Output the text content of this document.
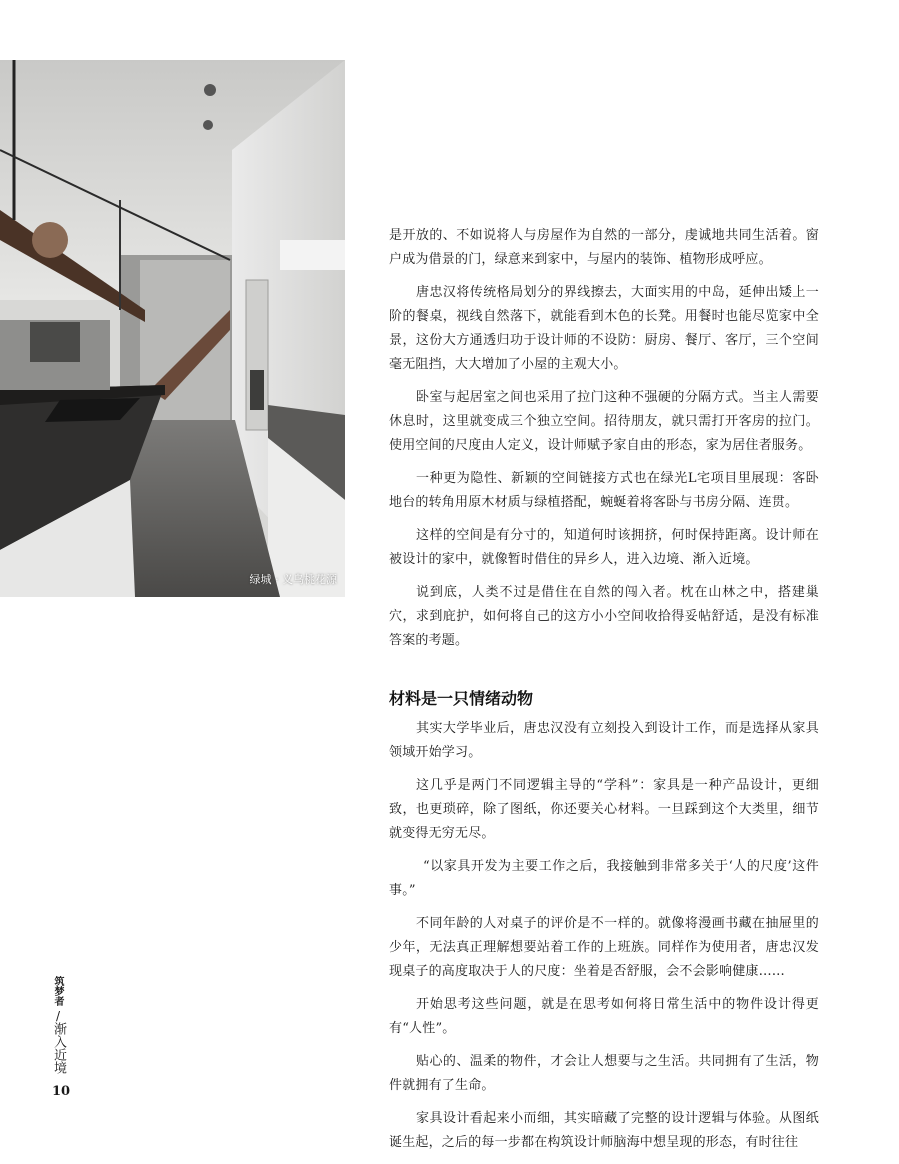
绿城 · 义乌桃花源

是开放的、不如说将人与房屋作为自然的一部分，虔诚地共同生活着。窗户成为借景的门，绿意来到家中，与屋内的装饰、植物形成呼应。

唐忠汉将传统格局划分的界线擦去，大面实用的中岛，延伸出矮上一阶的餐桌，视线自然落下，就能看到木色的长凳。用餐时也能尽览家中全景，这份大方通透归功于设计师的不设防：厨房、餐厅、客厅，三个空间毫无阻挡，大大增加了小屋的主观大小。

卧室与起居室之间也采用了拉门这种不强硬的分隔方式。当主人需要休息时，这里就变成三个独立空间。招待朋友，就只需打开客房的拉门。使用空间的尺度由人定义，设计师赋予家自由的形态，家为居住者服务。

一种更为隐性、新颖的空间链接方式也在绿光L宅项目里展现：客卧地台的转角用原木材质与绿植搭配，蜿蜒着将客卧与书房分隔、连贯。

这样的空间是有分寸的，知道何时该拥挤，何时保持距离。设计师在被设计的家中，就像暂时借住的异乡人，进入边境、渐入近境。

说到底，人类不过是借住在自然的闯入者。枕在山林之中，搭建巢穴，求到庇护，如何将自己的这方小小空间收拾得妥帖舒适，是没有标准答案的考题。

材料是一只情绪动物

其实大学毕业后，唐忠汉没有立刻投入到设计工作，而是选择从家具领域开始学习。

这几乎是两门不同逻辑主导的“学科”：家具是一种产品设计，更细致，也更琐碎，除了图纸，你还要关心材料。一旦踩到这个大类里，细节就变得无穷无尽。

“以家具开发为主要工作之后，我接触到非常多关于‘人的尺度’这件事。”

不同年龄的人对桌子的评价是不一样的。就像将漫画书藏在抽屉里的少年，无法真正理解想要站着工作的上班族。同样作为使用者，唐忠汉发现桌子的高度取决于人的尺度：坐着是否舒服，会不会影响健康……

开始思考这些问题，就是在思考如何将日常生活中的物件设计得更有“人性”。

贴心的、温柔的物件，才会让人想要与之生活。共同拥有了生活，物件就拥有了生命。

家具设计看起来小而细，其实暗藏了完整的设计逻辑与体验。从图纸诞生起，之后的每一步都在构筑设计师脑海中想呈现的形态，有时往往

筑梦者
/
渐入近境
10
